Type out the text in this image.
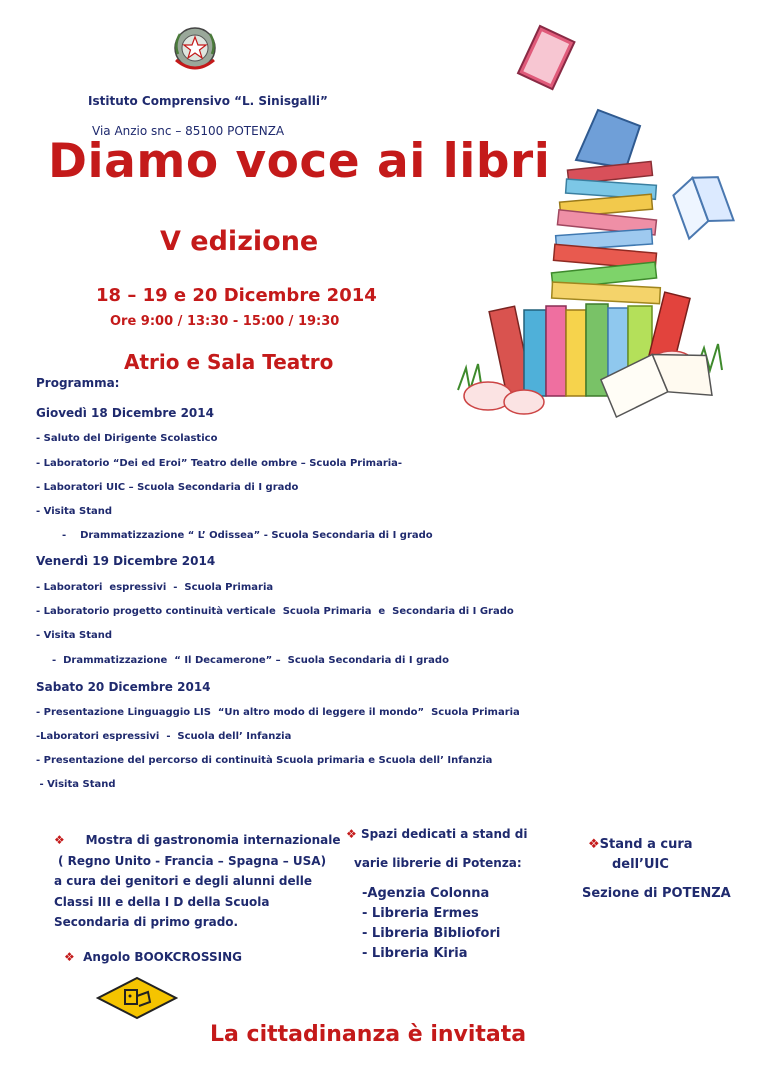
Istituto Comprensivo “L. Sinisgalli”
Via Anzio snc – 85100 POTENZA
Diamo voce ai libri
V edizione
18 – 19 e 20 Dicembre 2014
Ore 9:00 / 13:30 - 15:00 / 19:30
Atrio e Sala Teatro
Programma:
Giovedì 18 Dicembre 2014
- Saluto del Dirigente Scolastico
- Laboratorio “Dei ed Eroi” Teatro delle ombre – Scuola Primaria-
- Laboratori UIC – Scuola Secondaria di I grado
- Visita Stand
-    Drammatizzazione “ L’ Odissea” - Scuola Secondaria di I grado
Venerdì 19 Dicembre 2014
- Laboratori  espressivi  -  Scuola Primaria
- Laboratorio progetto continuità verticale  Scuola Primaria  e  Secondaria di I Grado
- Visita Stand
-  Drammatizzazione  “ Il Decamerone” –  Scuola Secondaria di I grado
Sabato 20 Dicembre 2014
- Presentazione Linguaggio LIS  “Un altro modo di leggere il mondo”  Scuola Primaria
-Laboratori espressivi  -  Scuola dell’ Infanzia
- Presentazione del percorso di continuità Scuola primaria e Scuola dell’ Infanzia
- Visita Stand
❖ Mostra di gastronomia internazionale
( Regno Unito - Francia – Spagna – USA)
a cura dei genitori e degli alunni delle
Classi III e della I D della Scuola
Secondaria di primo grado.
❖ Angolo BOOKCROSSING
❖ Spazi dedicati a stand di
varie librerie di Potenza:
-Agenzia Colonna
- Libreria Ermes
- Libreria Bibliofori
- Libreria Kiria
❖Stand a cura
dell’UIC
Sezione di POTENZA
La cittadinanza è invitata
